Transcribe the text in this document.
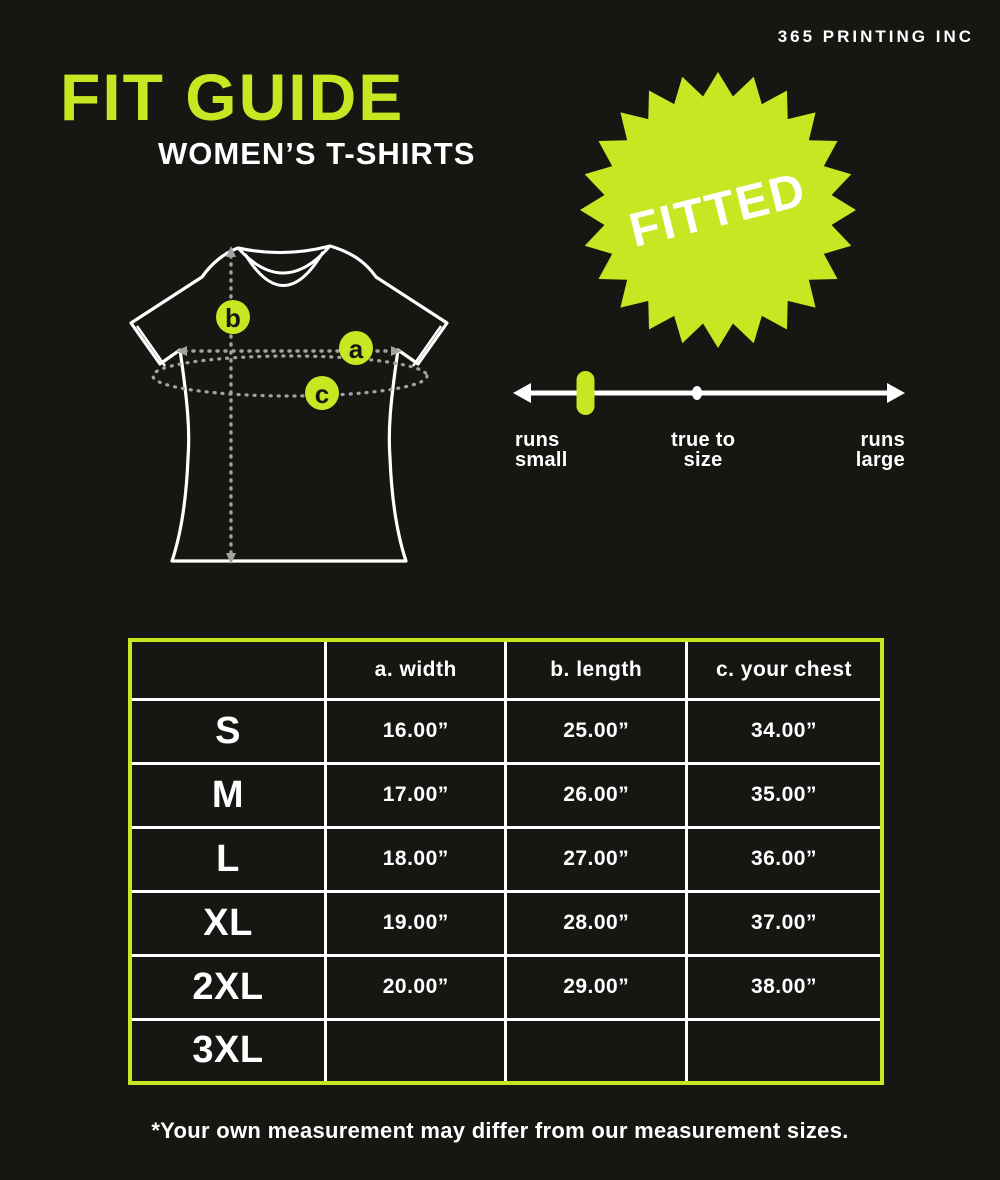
365 PRINTING INC
FIT GUIDE
WOMEN’S T-SHIRTS
FITTED
runs
small
true to
size
runs
large
b
a
c
	a. width	b. length	c. your chest
S	16.00”	25.00”	34.00”
M	17.00”	26.00”	35.00”
L	18.00”	27.00”	36.00”
XL	19.00”	28.00”	37.00”
2XL	20.00”	29.00”	38.00”
3XL			
*Your own measurement may differ from our measurement sizes.
